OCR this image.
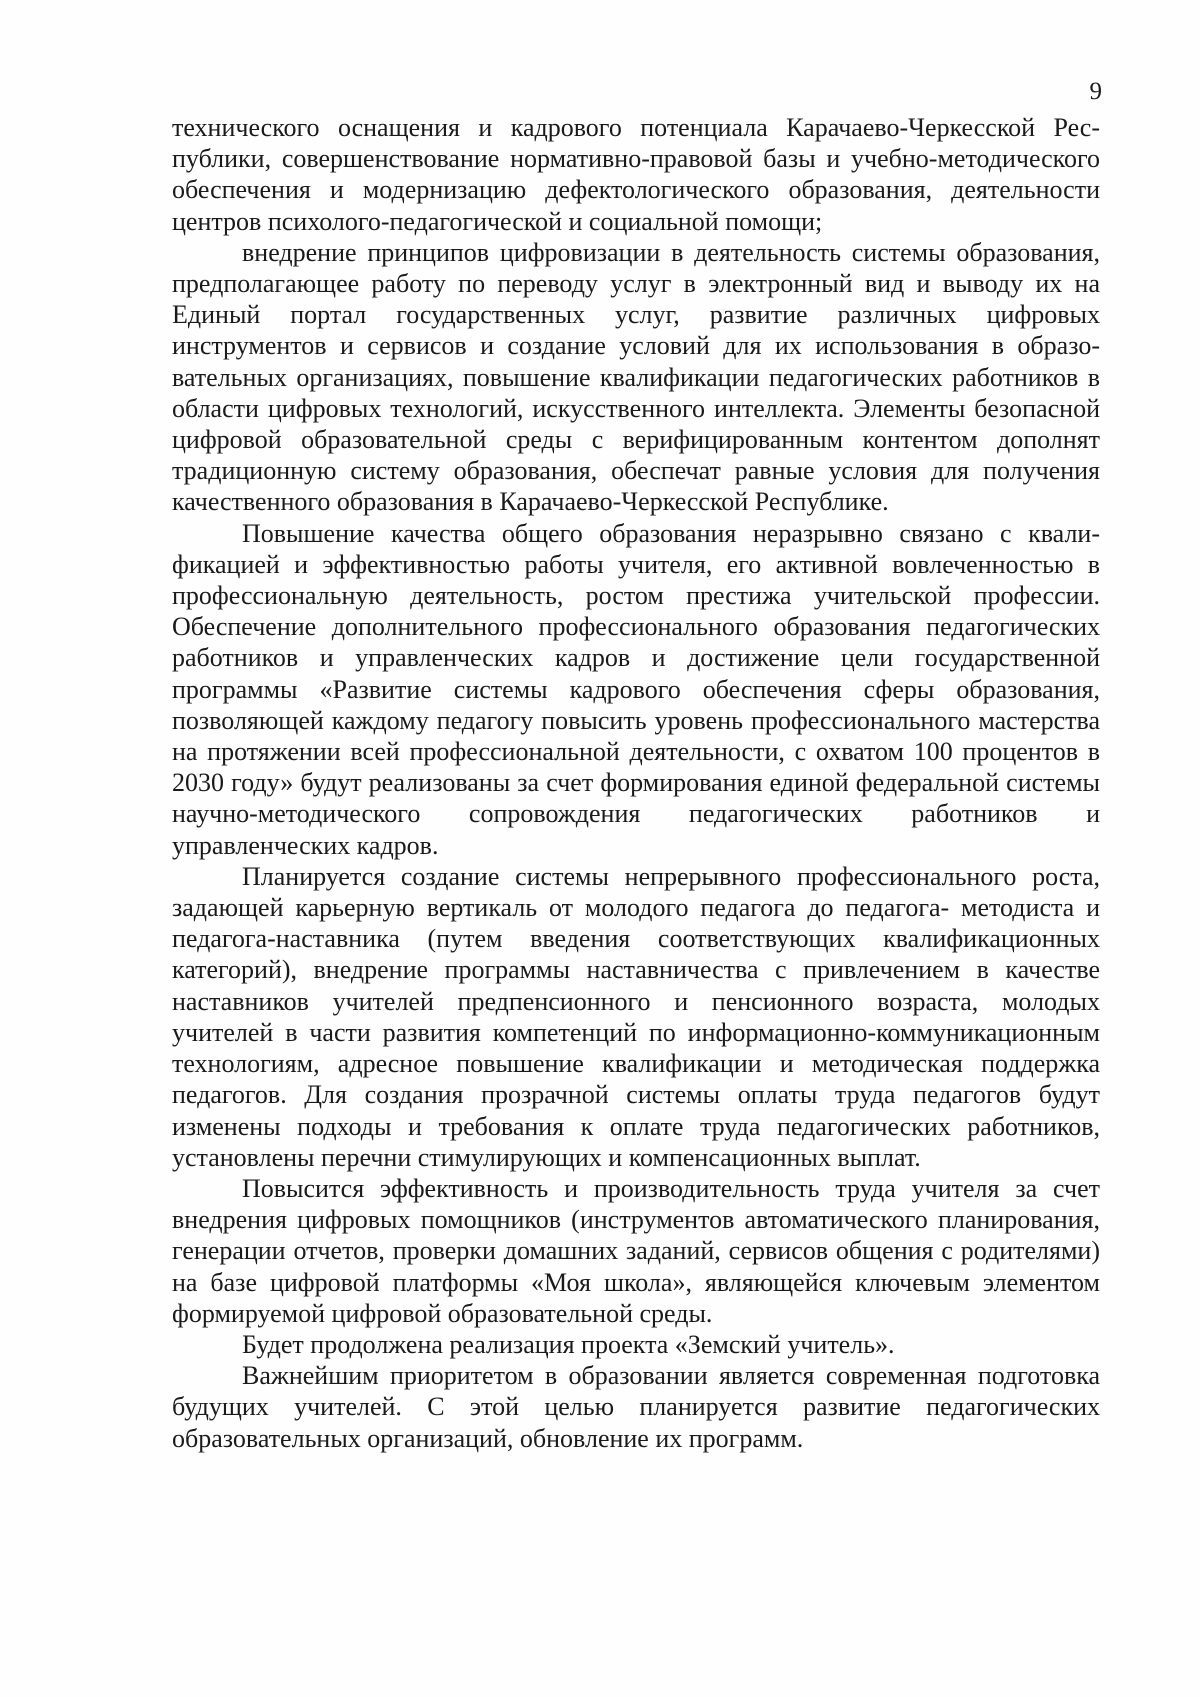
9

технического оснащения и кадрового потенциала Карачаево-Черкесской Республики, совершенствование нормативно-правовой базы и учебно-методического обеспечения и модернизацию дефектологического образования, деятельности центров психолого-педагогической и социальной помощи;

внедрение принципов цифровизации в деятельность системы образования, предполагающее работу по переводу услуг в электронный вид и выводу их на Единый портал государственных услуг, развитие различных цифровых инструментов и сервисов и создание условий для их использования в образовательных организациях, повышение квалификации педагогических работников в области цифровых технологий, искусственного интеллекта. Элементы безопасной цифровой образовательной среды с верифицированным контентом дополнят традиционную систему образования, обеспечат равные условия для получения качественного образования в Карачаево-Черкесской Республике.

Повышение качества общего образования неразрывно связано с квалификацией и эффективностью работы учителя, его активной вовлеченностью в профессиональную деятельность, ростом престижа учительской профессии. Обеспечение дополнительного профессионального образования педагогических работников и управленческих кадров и достижение цели государственной программы «Развитие системы кадрового обеспечения сферы образования, позволяющей каждому педагогу повысить уровень профессионального мастерства на протяжении всей профессиональной деятельности, с охватом 100 процентов в 2030 году» будут реализованы за счет формирования единой федеральной системы научно-методического сопровождения педагогических работников и управленческих кадров.

Планируется создание системы непрерывного профессионального роста, задающей карьерную вертикаль от молодого педагога до педагога- методиста и педагога-наставника (путем введения соответствующих квалификационных категорий), внедрение программы наставничества с привлечением в качестве наставников учителей предпенсионного и пенсионного возраста, молодых учителей в части развития компетенций по информационно-коммуникационным технологиям, адресное повышение квалификации и методическая поддержка педагогов. Для создания прозрачной системы оплаты труда педагогов будут изменены подходы и требования к оплате труда педагогических работников, установлены перечни стимулирующих и компенсационных выплат.

Повысится эффективность и производительность труда учителя за счет внедрения цифровых помощников (инструментов автоматического планирования, генерации отчетов, проверки домашних заданий, сервисов общения с родителями) на базе цифровой платформы «Моя школа», являющейся ключевым элементом формируемой цифровой образовательной среды.

Будет продолжена реализация проекта «Земский учитель».

Важнейшим приоритетом в образовании является современная подготовка будущих учителей. С этой целью планируется развитие педагогических образовательных организаций, обновление их программ.
